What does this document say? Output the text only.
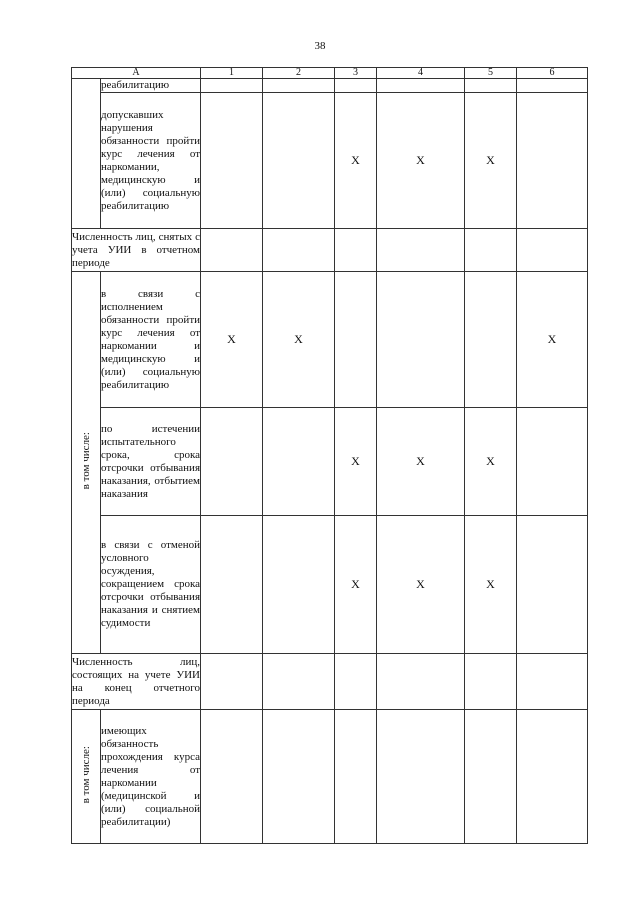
38
А		1	2	3	4	5	6
	реабилитацию						
	допускавших нарушения обязанности пройти курс лечения от наркомании, медицинскую и (или) социальную реабилитацию			X	X	X	
Численность лиц, снятых с учета УИИ в отчетном периоде							
в том числе:	в связи с исполнением обязанности пройти курс лечения от наркомании и медицинскую и (или) социальную реабилитацию	X	X				X
	по истечении испытательного срока, срока отсрочки отбывания наказания, отбытием наказания			X	X	X	
	в связи с отменой условного осуждения, сокращением срока отсрочки отбывания наказания и снятием судимости			X	X	X	
Численность лиц, состоящих на учете УИИ на конец отчетного периода							
в том числе:	имеющих обязанность прохождения курса лечения от наркомании (медицинской и (или) социальной реабилитации)						
